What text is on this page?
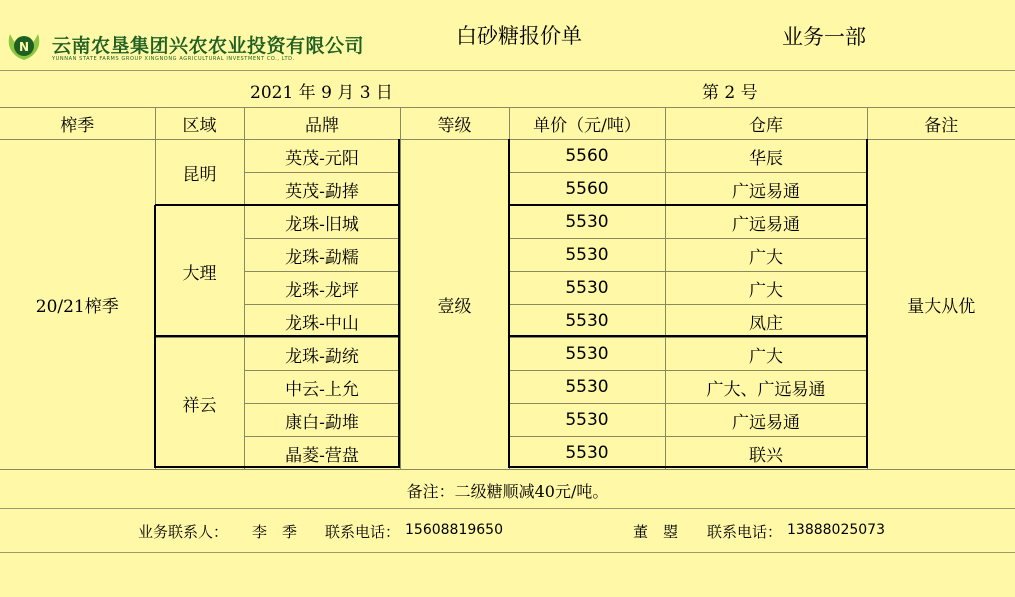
N 云南农垦集团兴农农业投资有限公司
YUNNAN STATE FARMS GROUP XINGNONG AGRICULTURAL INVESTMENT CO., LTD.
白砂糖报价单	业务一部
2021 年 9 月 3 日	第 2 号
榨季	区域	品牌	等级	单价（元/吨）	仓库	备注
20/21榨季	昆明	英茂-元阳	壹级	5560	华辰	量大从优
		英茂-勐捧		5560	广远易通	
	大理	龙珠-旧城		5530	广远易通	
		龙珠-勐糯		5530	广大	
		龙珠-龙坪		5530	广大	
		龙珠-中山		5530	凤庄	
	祥云	龙珠-勐统		5530	广大	
		中云-上允		5530	广大、广远易通	
		康白-勐堆		5530	广远易通	
		晶菱-营盘		5530	联兴	
备注：二级糖顺减40元/吨。
业务联系人： 李　季 联系电话： 15608819650	董　曌 联系电话： 13888025073
